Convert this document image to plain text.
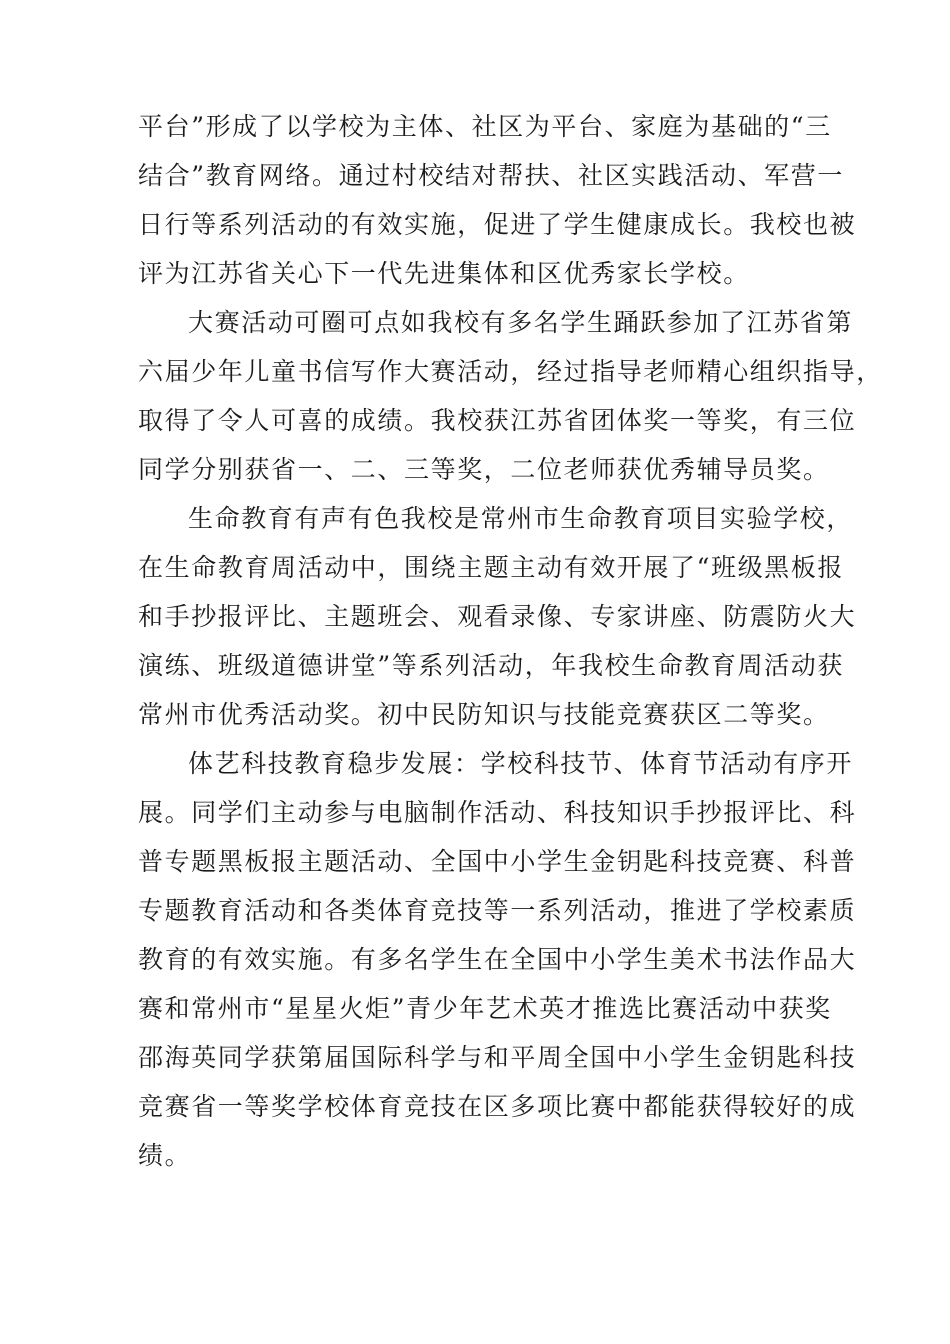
平台”形成了以学校为主体、社区为平台、家庭为基础的“三
结合”教育网络。通过村校结对帮扶、社区实践活动、军营一
日行等系列活动的有效实施，促进了学生健康成长。我校也被
评为江苏省关心下一代先进集体和区优秀家长学校。

大赛活动可圈可点如我校有多名学生踊跃参加了江苏省第
六届少年儿童书信写作大赛活动，经过指导老师精心组织指导，
取得了令人可喜的成绩。我校获江苏省团体奖一等奖，有三位
同学分别获省一、二、三等奖，二位老师获优秀辅导员奖。

生命教育有声有色我校是常州市生命教育项目实验学校，
在生命教育周活动中，围绕主题主动有效开展了“班级黑板报
和手抄报评比、主题班会、观看录像、专家讲座、防震防火大
演练、班级道德讲堂”等系列活动，年我校生命教育周活动获
常州市优秀活动奖。初中民防知识与技能竞赛获区二等奖。

体艺科技教育稳步发展：学校科技节、体育节活动有序开
展。同学们主动参与电脑制作活动、科技知识手抄报评比、科
普专题黑板报主题活动、全国中小学生金钥匙科技竞赛、科普
专题教育活动和各类体育竞技等一系列活动，推进了学校素质
教育的有效实施。有多名学生在全国中小学生美术书法作品大
赛和常州市“星星火炬”青少年艺术英才推选比赛活动中获奖
邵海英同学获第届国际科学与和平周全国中小学生金钥匙科技
竞赛省一等奖学校体育竞技在区多项比赛中都能获得较好的成
绩。
